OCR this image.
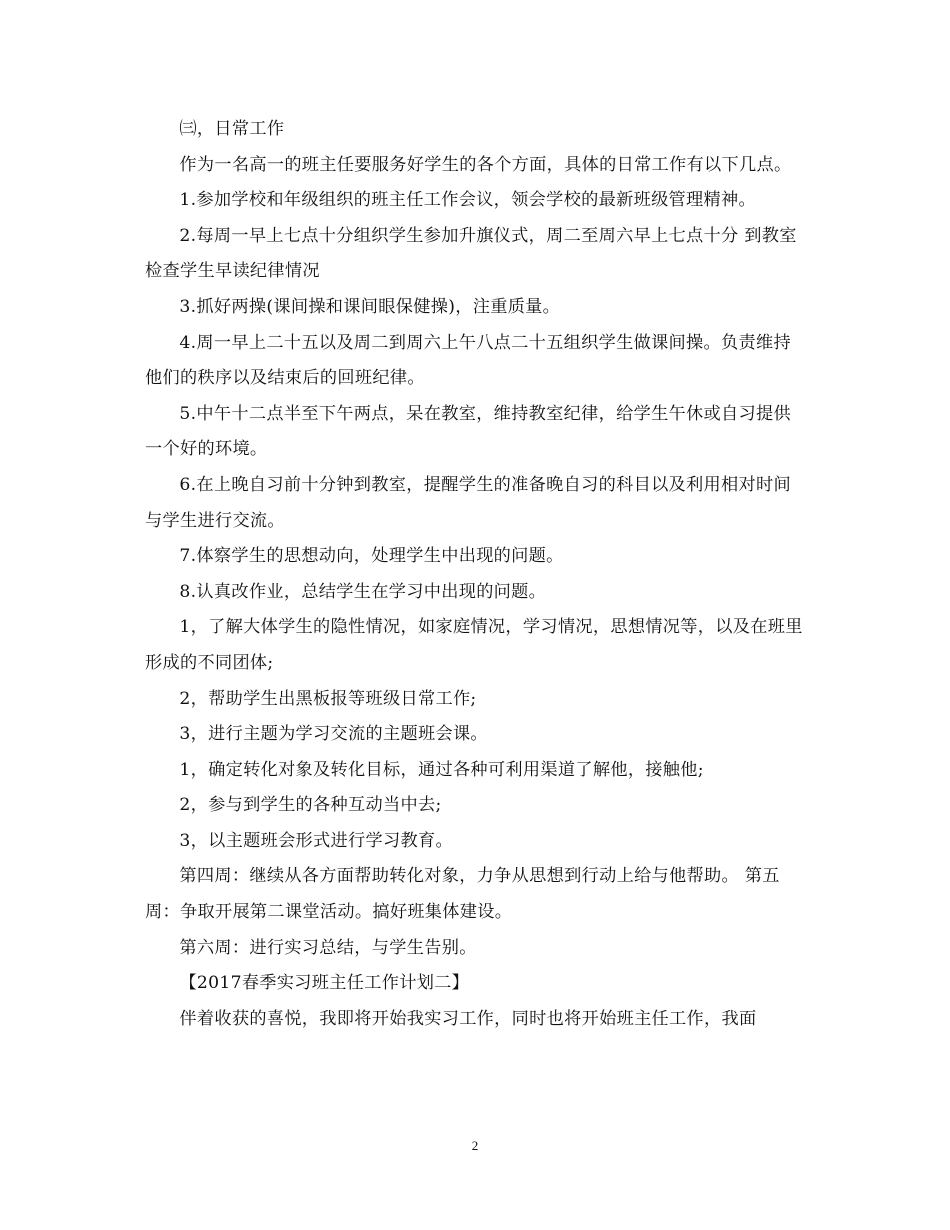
㈢，日常工作

作为一名高一的班主任要服务好学生的各个方面，具体的日常工作有以下几点。

1.参加学校和年级组织的班主任工作会议，领会学校的最新班级管理精神。

2.每周一早上七点十分组织学生参加升旗仪式，周二至周六早上七点十分 到教室检查学生早读纪律情况

3.抓好两操(课间操和课间眼保健操)，注重质量。

4.周一早上二十五以及周二到周六上午八点二十五组织学生做课间操。负责维持他们的秩序以及结束后的回班纪律。

5.中午十二点半至下午两点，呆在教室，维持教室纪律，给学生午休或自习提供一个好的环境。

6.在上晚自习前十分钟到教室，提醒学生的准备晚自习的科目以及利用相对时间与学生进行交流。

7.体察学生的思想动向，处理学生中出现的问题。

8.认真改作业，总结学生在学习中出现的问题。

1，了解大体学生的隐性情况，如家庭情况，学习情况，思想情况等，以及在班里形成的不同团体;

2，帮助学生出黑板报等班级日常工作;

3，进行主题为学习交流的主题班会课。

1，确定转化对象及转化目标，通过各种可利用渠道了解他，接触他;

2，参与到学生的各种互动当中去;

3，以主题班会形式进行学习教育。

第四周：继续从各方面帮助转化对象，力争从思想到行动上给与他帮助。 第五周：争取开展第二课堂活动。搞好班集体建设。

第六周：进行实习总结，与学生告别。

【2017春季实习班主任工作计划二】

伴着收获的喜悦，我即将开始我实习工作，同时也将开始班主任工作，我面

2
